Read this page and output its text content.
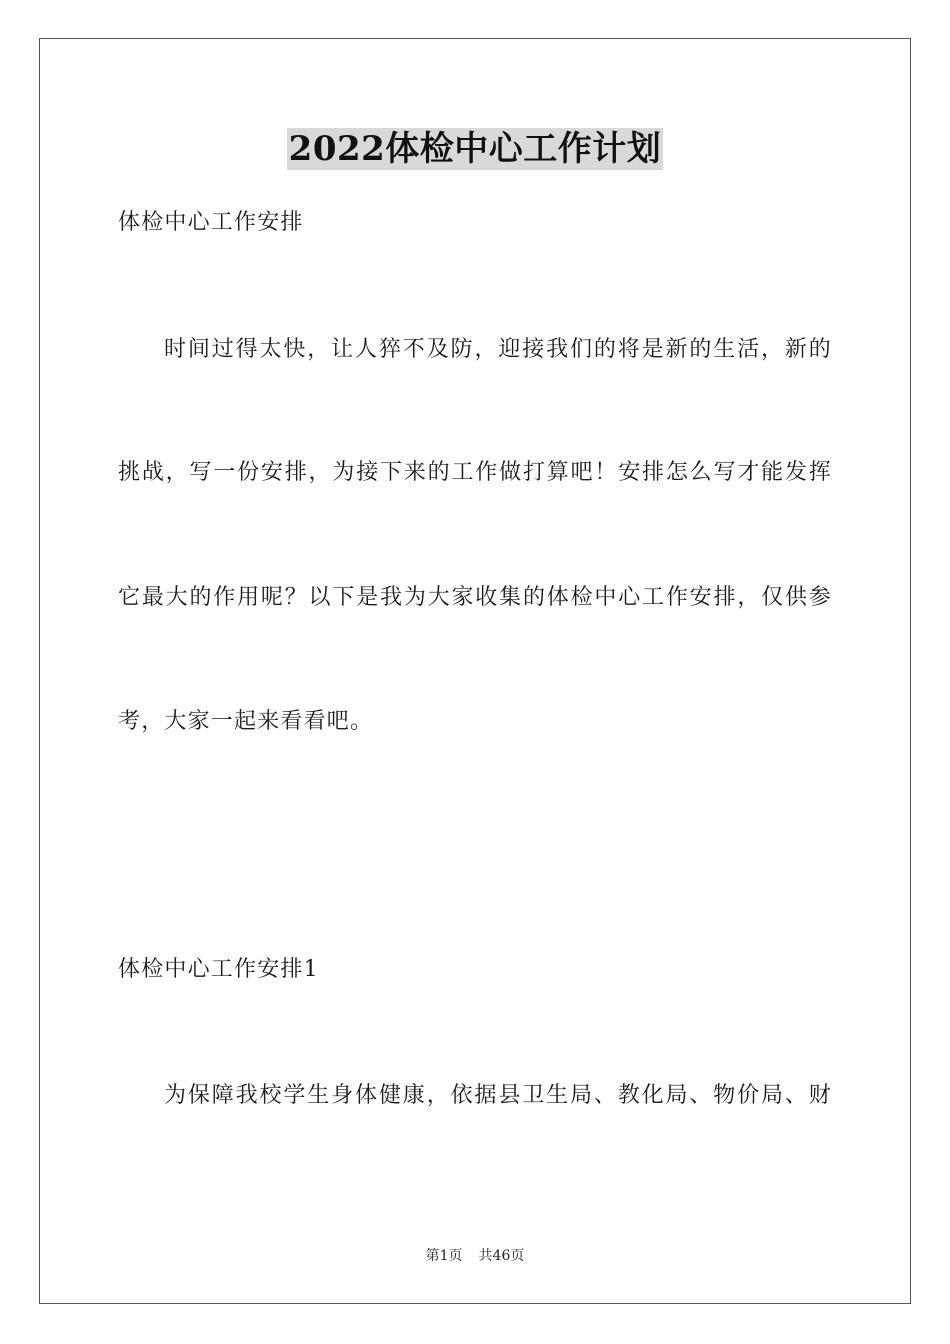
2022体检中心工作计划
体检中心工作安排
时间过得太快，让人猝不及防，迎接我们的将是新的生活，新的
挑战，写一份安排，为接下来的工作做打算吧！安排怎么写才能发挥
它最大的作用呢？以下是我为大家收集的体检中心工作安排，仅供参
考，大家一起来看看吧。
体检中心工作安排1
为保障我校学生身体健康，依据县卫生局、教化局、物价局、财
第1页 共46页
